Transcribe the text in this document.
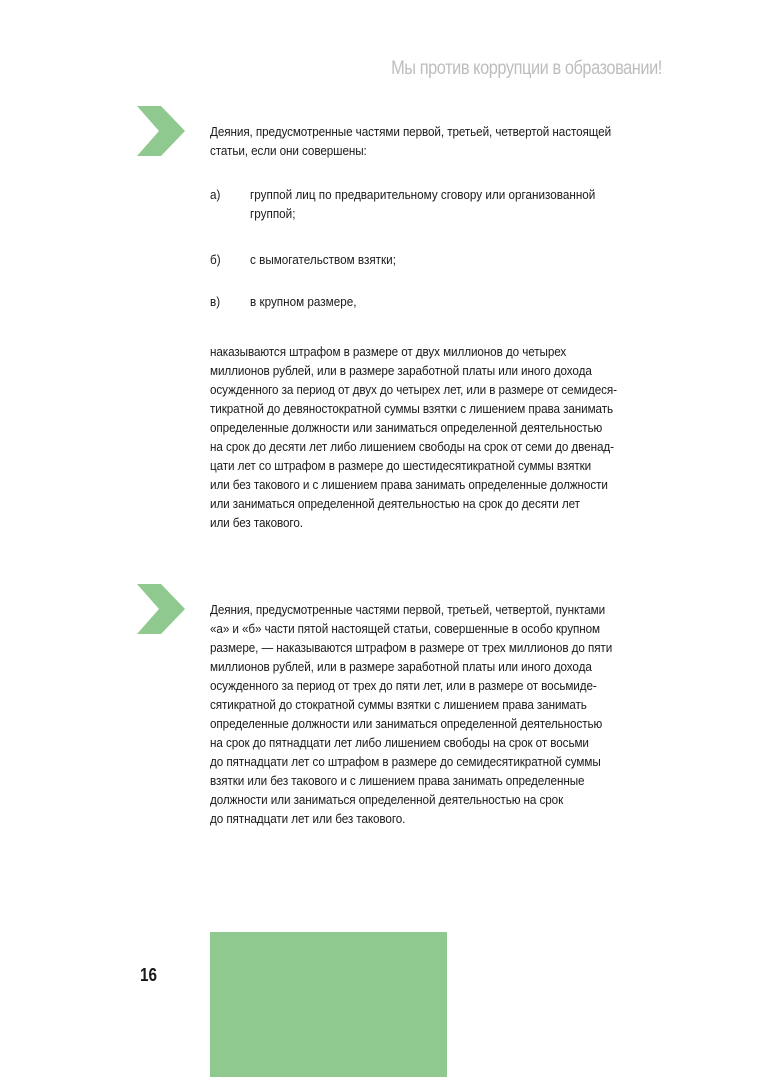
Мы против коррупции в образовании!
Деяния, предусмотренные частями первой, третьей, четвертой настоящей
статьи, если они совершены:
а) группой лиц по предварительному сговору или организованной
группой;
б) с вымогательством взятки;
в) в крупном размере,
наказываются штрафом в размере от двух миллионов до четырех
миллионов рублей, или в размере заработной платы или иного дохода
осужденного за период от двух до четырех лет, или в размере от семидеся-
тикратной до девяностократной суммы взятки с лишением права занимать
определенные должности или заниматься определенной деятельностью
на срок до десяти лет либо лишением свободы на срок от семи до двенад-
цати лет со штрафом в размере до шестидесятикратной суммы взятки
или без такового и с лишением права занимать определенные должности
или заниматься определенной деятельностью на срок до десяти лет
или без такового.
Деяния, предусмотренные частями первой, третьей, четвертой, пунктами
«а» и «б» части пятой настоящей статьи, совершенные в особо крупном
размере, — наказываются штрафом в размере от трех миллионов до пяти
миллионов рублей, или в размере заработной платы или иного дохода
осужденного за период от трех до пяти лет, или в размере от восьмиде-
сятикратной до стократной суммы взятки с лишением права занимать
определенные должности или заниматься определенной деятельностью
на срок до пятнадцати лет либо лишением свободы на срок от восьми
до пятнадцати лет со штрафом в размере до семидесятикратной суммы
взятки или без такового и с лишением права занимать определенные
должности или заниматься определенной деятельностью на срок
до пятнадцати лет или без такового.
16
